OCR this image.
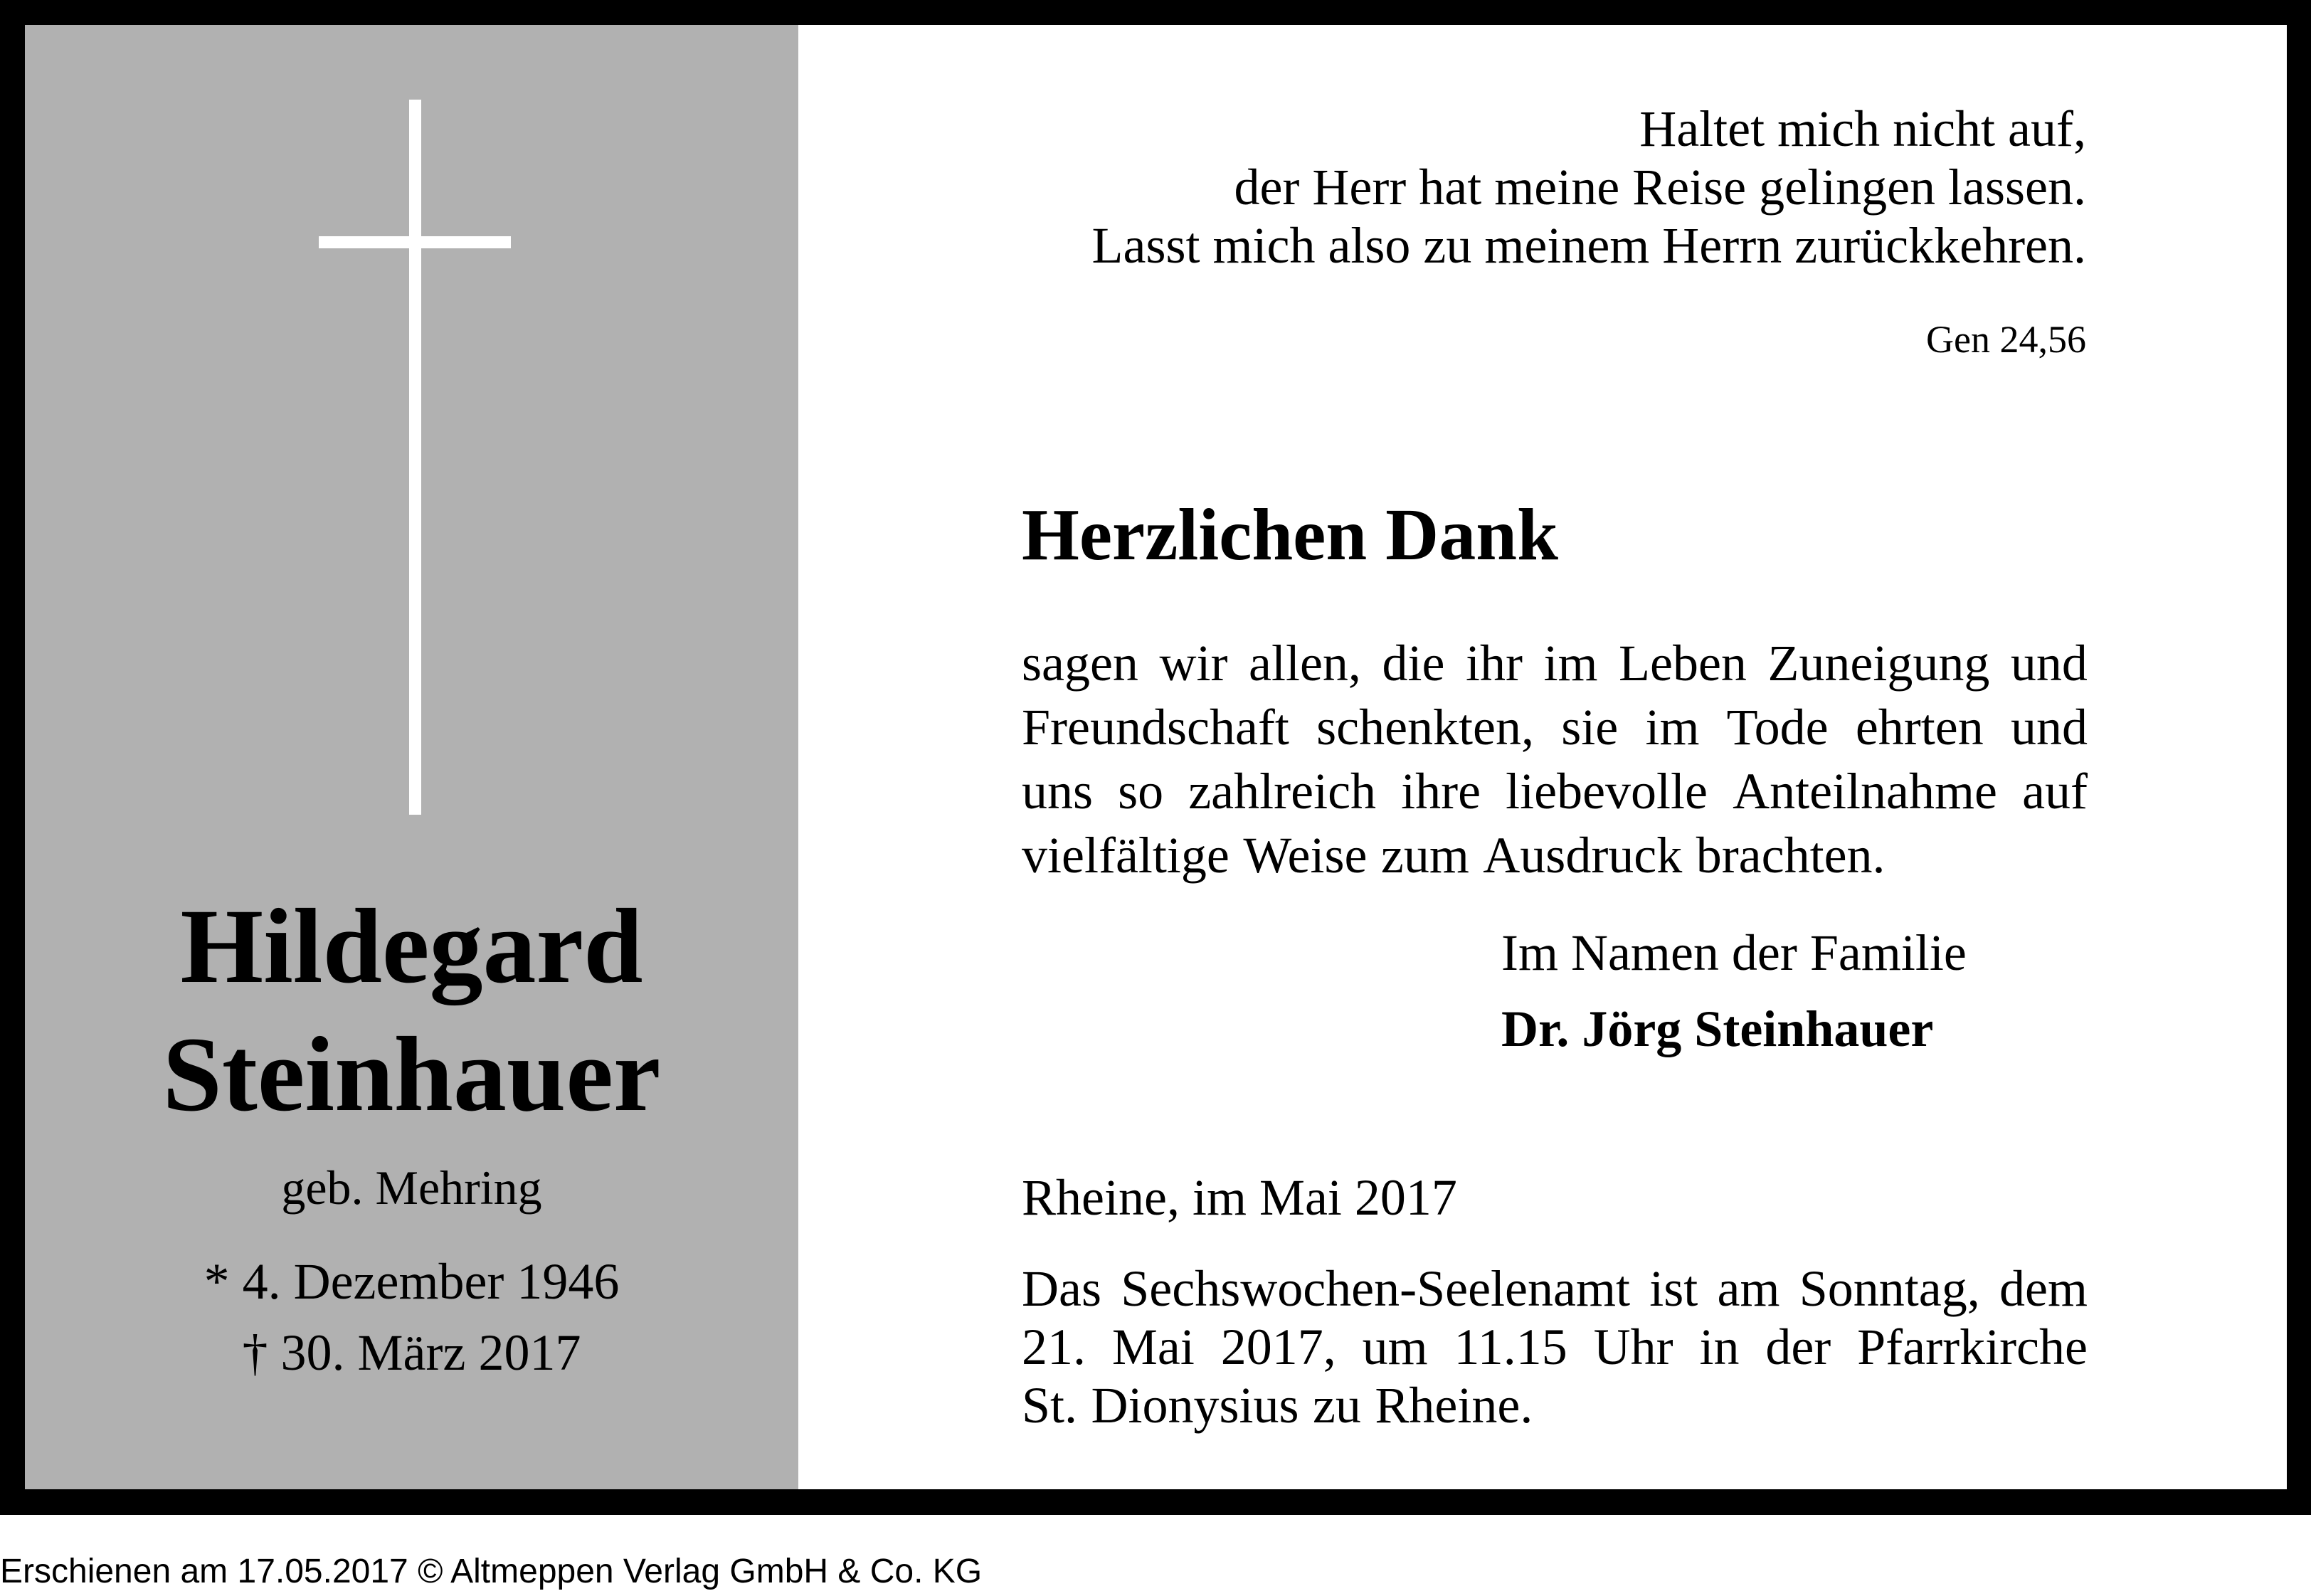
Hildegard
Steinhauer
geb. Mehring
* 4. Dezember 1946
† 30. März 2017
Haltet mich nicht auf,
der Herr hat meine Reise gelingen lassen.
Lasst mich also zu meinem Herrn zurückkehren.
Gen 24,56
Herzlichen Dank
sagen wir allen, die ihr im Leben Zuneigung und
Freundschaft schenkten, sie im Tode ehrten und
uns so zahlreich ihre liebevolle Anteilnahme auf
vielfältige Weise zum Ausdruck brachten.
Im Namen der Familie
Dr. Jörg Steinhauer
Rheine, im Mai 2017
Das Sechswochen-Seelenamt ist am Sonntag, dem
21. Mai 2017, um 11.15 Uhr in der Pfarrkirche
St. Dionysius zu Rheine.
Erschienen am 17.05.2017 © Altmeppen Verlag GmbH & Co. KG
